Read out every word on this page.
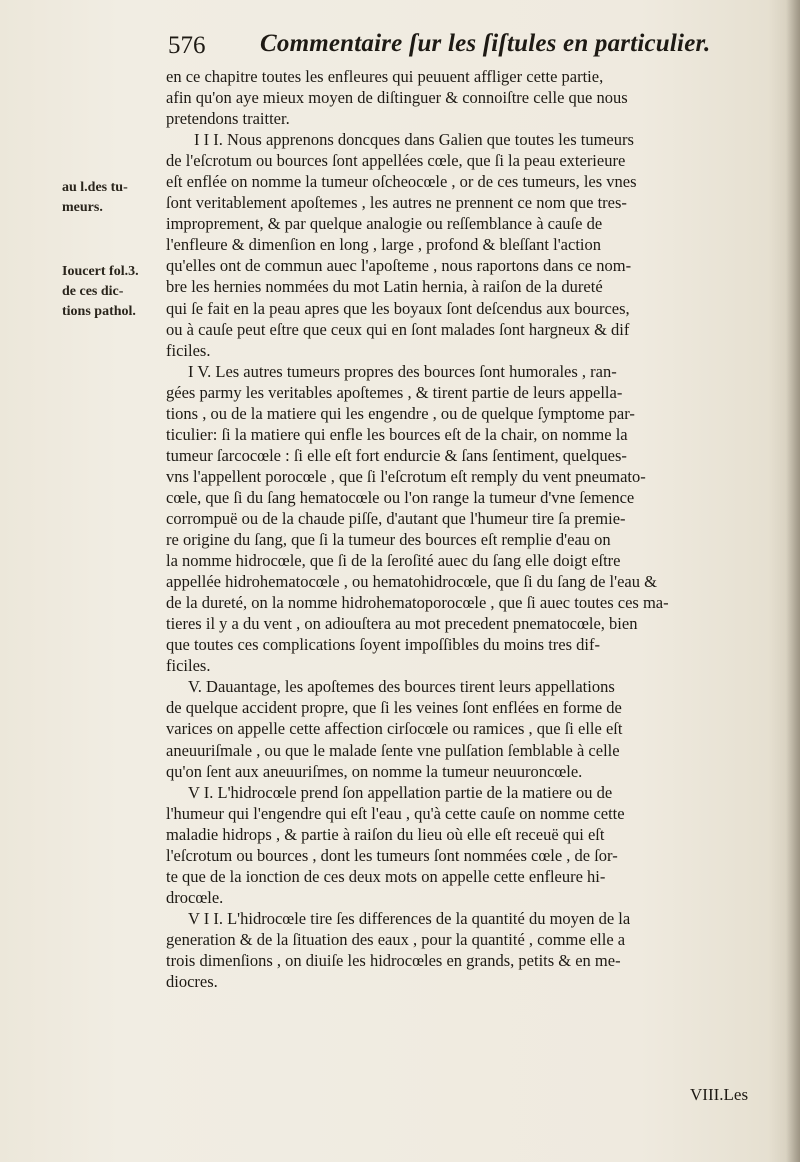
576 Commentaire ſur les ſiſtules en particulier.
au l.des tu-
meurs.
Ioucert fol.3.
de ces dic-
tions pathol.
en ce chapitre toutes les enfleures qui peuuent affliger cette partie,
afin qu'on aye mieux moyen de diſtinguer & connoiſtre celle que nous
pretendons traitter.
I I I. Nous apprenons doncques dans Galien que toutes les tumeurs
de l'eſcrotum ou bources ſont appellées cœle, que ſi la peau exterieure
eſt enflée on nomme la tumeur oſcheocœle , or de ces tumeurs, les vnes
ſont veritablement apoſtemes , les autres ne prennent ce nom que tres-
improprement, & par quelque analogie ou reſſemblance à cauſe de
l'enfleure & dimenſion en long , large , profond & bleſſant l'action
qu'elles ont de commun auec l'apoſteme , nous raportons dans ce nom-
bre les hernies nommées du mot Latin hernia, à raiſon de la dureté
qui ſe fait en la peau apres que les boyaux ſont deſcendus aux bources,
ou à cauſe peut eſtre que ceux qui en ſont malades ſont hargneux & dif
ficiles.
I V. Les autres tumeurs propres des bources ſont humorales , ran-
gées parmy les veritables apoſtemes , & tirent partie de leurs appella-
tions , ou de la matiere qui les engendre , ou de quelque ſymptome par-
ticulier: ſi la matiere qui enfle les bources eſt de la chair, on nomme la
tumeur ſarcocœle : ſi elle eſt fort endurcie & ſans ſentiment, quelques-
vns l'appellent porocœle , que ſi l'eſcrotum eſt remply du vent pneumato-
cœle, que ſi du ſang hematocœle ou l'on range la tumeur d'vne ſemence
corrompuë ou de la chaude piſſe, d'autant que l'humeur tire ſa premie-
re origine du ſang, que ſi la tumeur des bources eſt remplie d'eau on
la nomme hidrocœle, que ſi de la ſeroſité auec du ſang elle doigt eſtre
appellée hidrohematocœle , ou hematohidrocœle, que ſi du ſang de l'eau &
de la dureté, on la nomme hidrohematoporocœle , que ſi auec toutes ces ma-
tieres il y a du vent , on adiouſtera au mot precedent pnematocœle, bien
que toutes ces complications ſoyent impoſſibles du moins tres dif-
ficiles.
V. Dauantage, les apoſtemes des bources tirent leurs appellations
de quelque accident propre, que ſi les veines ſont enflées en forme de
varices on appelle cette affection cirſocœle ou ramices , que ſi elle eſt
aneuuriſmale , ou que le malade ſente vne pulſation ſemblable à celle
qu'on ſent aux aneuuriſmes, on nomme la tumeur neuuroncœle.
V I. L'hidrocœle prend ſon appellation partie de la matiere ou de
l'humeur qui l'engendre qui eſt l'eau , qu'à cette cauſe on nomme cette
maladie hidrops , & partie à raiſon du lieu où elle eſt receuë qui eſt
l'eſcrotum ou bources , dont les tumeurs ſont nommées cœle , de ſor-
te que de la ionction de ces deux mots on appelle cette enfleure hi-
drocœle.
V I I. L'hidrocœle tire ſes differences de la quantité du moyen de la
generation & de la ſituation des eaux , pour la quantité , comme elle a
trois dimenſions , on diuiſe les hidrocœles en grands, petits & en me-
diocres.
VIII.Les
